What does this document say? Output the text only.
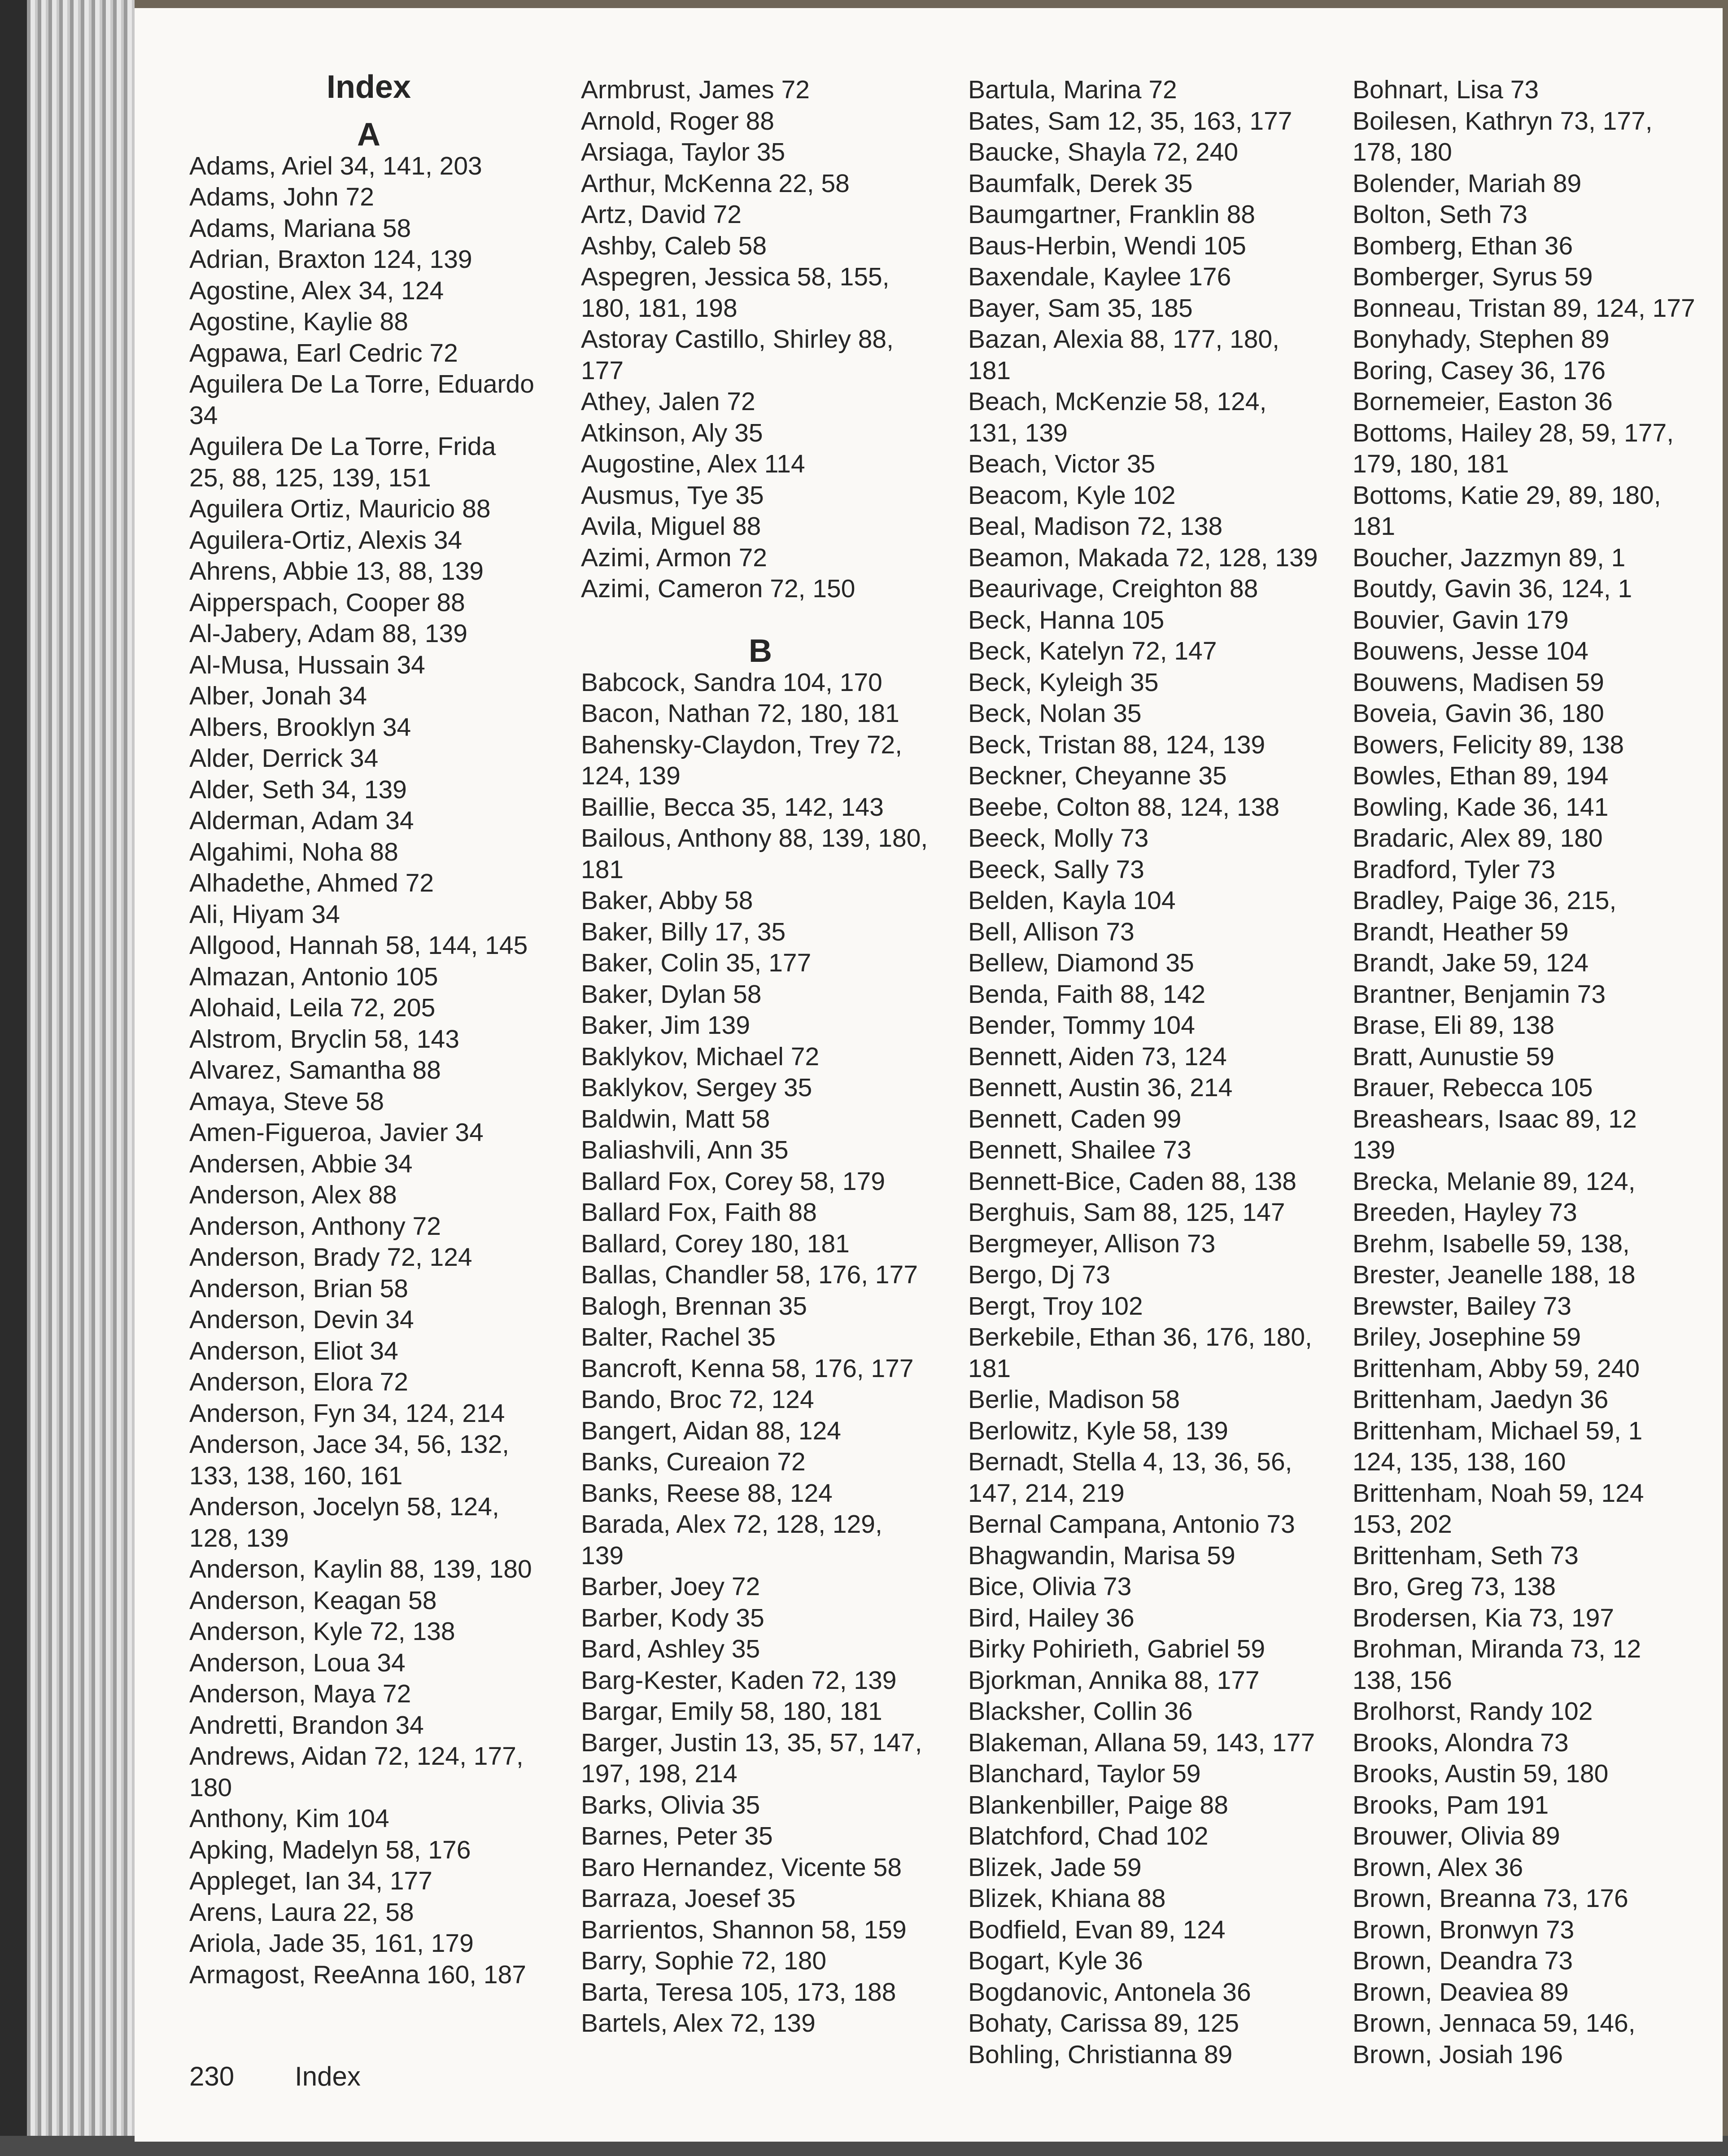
Index

A
Adams, Ariel 34, 141, 203
Adams, John 72
Adams, Mariana 58
Adrian, Braxton 124, 139
Agostine, Alex 34, 124
Agostine, Kaylie 88
Agpawa, Earl Cedric 72
Aguilera De La Torre, Eduardo
34
Aguilera De La Torre, Frida
25, 88, 125, 139, 151
Aguilera Ortiz, Mauricio 88
Aguilera-Ortiz, Alexis 34
Ahrens, Abbie 13, 88, 139
Aipperspach, Cooper 88
Al-Jabery, Adam 88, 139
Al-Musa, Hussain 34
Alber, Jonah 34
Albers, Brooklyn 34
Alder, Derrick 34
Alder, Seth 34, 139
Alderman, Adam 34
Algahimi, Noha 88
Alhadethe, Ahmed 72
Ali, Hiyam 34
Allgood, Hannah 58, 144, 145
Almazan, Antonio 105
Alohaid, Leila 72, 205
Alstrom, Bryclin 58, 143
Alvarez, Samantha 88
Amaya, Steve 58
Amen-Figueroa, Javier 34
Andersen, Abbie 34
Anderson, Alex 88
Anderson, Anthony 72
Anderson, Brady 72, 124
Anderson, Brian 58
Anderson, Devin 34
Anderson, Eliot 34
Anderson, Elora 72
Anderson, Fyn 34, 124, 214
Anderson, Jace 34, 56, 132,
133, 138, 160, 161
Anderson, Jocelyn 58, 124,
128, 139
Anderson, Kaylin 88, 139, 180
Anderson, Keagan 58
Anderson, Kyle 72, 138
Anderson, Loua 34
Anderson, Maya 72
Andretti, Brandon 34
Andrews, Aidan 72, 124, 177,
180
Anthony, Kim 104
Apking, Madelyn 58, 176
Appleget, Ian 34, 177
Arens, Laura 22, 58
Ariola, Jade 35, 161, 179
Armagost, ReeAnna 160, 187
Armbrust, James 72
Arnold, Roger 88
Arsiaga, Taylor 35
Arthur, McKenna 22, 58
Artz, David 72
Ashby, Caleb 58
Aspegren, Jessica 58, 155,
180, 181, 198
Astoray Castillo, Shirley 88,
177
Athey, Jalen 72
Atkinson, Aly 35
Augostine, Alex 114
Ausmus, Tye 35
Avila, Miguel 88
Azimi, Armon 72
Azimi, Cameron 72, 150

B
Babcock, Sandra 104, 170
Bacon, Nathan 72, 180, 181
Bahensky-Claydon, Trey 72,
124, 139
Baillie, Becca 35, 142, 143
Bailous, Anthony 88, 139, 180,
181
Baker, Abby 58
Baker, Billy 17, 35
Baker, Colin 35, 177
Baker, Dylan 58
Baker, Jim 139
Baklykov, Michael 72
Baklykov, Sergey 35
Baldwin, Matt 58
Baliashvili, Ann 35
Ballard Fox, Corey 58, 179
Ballard Fox, Faith 88
Ballard, Corey 180, 181
Ballas, Chandler 58, 176, 177
Balogh, Brennan 35
Balter, Rachel 35
Bancroft, Kenna 58, 176, 177
Bando, Broc 72, 124
Bangert, Aidan 88, 124
Banks, Cureaion 72
Banks, Reese 88, 124
Barada, Alex 72, 128, 129,
139
Barber, Joey 72
Barber, Kody 35
Bard, Ashley 35
Barg-Kester, Kaden 72, 139
Bargar, Emily 58, 180, 181
Barger, Justin 13, 35, 57, 147,
197, 198, 214
Barks, Olivia 35
Barnes, Peter 35
Baro Hernandez, Vicente 58
Barraza, Joesef 35
Barrientos, Shannon 58, 159
Barry, Sophie 72, 180
Barta, Teresa 105, 173, 188
Bartels, Alex 72, 139
Bartula, Marina 72
Bates, Sam 12, 35, 163, 177
Baucke, Shayla 72, 240
Baumfalk, Derek 35
Baumgartner, Franklin 88
Baus-Herbin, Wendi 105
Baxendale, Kaylee 176
Bayer, Sam 35, 185
Bazan, Alexia 88, 177, 180,
181
Beach, McKenzie 58, 124,
131, 139
Beach, Victor 35
Beacom, Kyle 102
Beal, Madison 72, 138
Beamon, Makada 72, 128, 139
Beaurivage, Creighton 88
Beck, Hanna 105
Beck, Katelyn 72, 147
Beck, Kyleigh 35
Beck, Nolan 35
Beck, Tristan 88, 124, 139
Beckner, Cheyanne 35
Beebe, Colton 88, 124, 138
Beeck, Molly 73
Beeck, Sally 73
Belden, Kayla 104
Bell, Allison 73
Bellew, Diamond 35
Benda, Faith 88, 142
Bender, Tommy 104
Bennett, Aiden 73, 124
Bennett, Austin 36, 214
Bennett, Caden 99
Bennett, Shailee 73
Bennett-Bice, Caden 88, 138
Berghuis, Sam 88, 125, 147
Bergmeyer, Allison 73
Bergo, Dj 73
Bergt, Troy 102
Berkebile, Ethan 36, 176, 180,
181
Berlie, Madison 58
Berlowitz, Kyle 58, 139
Bernadt, Stella 4, 13, 36, 56,
147, 214, 219
Bernal Campana, Antonio 73
Bhagwandin, Marisa 59
Bice, Olivia 73
Bird, Hailey 36
Birky Pohirieth, Gabriel 59
Bjorkman, Annika 88, 177
Blacksher, Collin 36
Blakeman, Allana 59, 143, 177
Blanchard, Taylor 59
Blankenbiller, Paige 88
Blatchford, Chad 102
Blizek, Jade 59
Blizek, Khiana 88
Bodfield, Evan 89, 124
Bogart, Kyle 36
Bogdanovic, Antonela 36
Bohaty, Carissa 89, 125
Bohling, Christianna 89
Bohnart, Lisa 73
Boilesen, Kathryn 73, 177,
178, 180
Bolender, Mariah 89
Bolton, Seth 73
Bomberg, Ethan 36
Bomberger, Syrus 59
Bonneau, Tristan 89, 124, 177
Bonyhady, Stephen 89
Boring, Casey 36, 176
Bornemeier, Easton 36
Bottoms, Hailey 28, 59, 177,
179, 180, 181
Bottoms, Katie 29, 89, 180,
181
Boucher, Jazzmyn 89, 1
Boutdy, Gavin 36, 124, 1
Bouvier, Gavin 179
Bouwens, Jesse 104
Bouwens, Madisen 59
Boveia, Gavin 36, 180
Bowers, Felicity 89, 138
Bowles, Ethan 89, 194
Bowling, Kade 36, 141
Bradaric, Alex 89, 180
Bradford, Tyler 73
Bradley, Paige 36, 215,
Brandt, Heather 59
Brandt, Jake 59, 124
Brantner, Benjamin 73
Brase, Eli 89, 138
Bratt, Aunustie 59
Brauer, Rebecca 105
Breashears, Isaac 89, 12
139
Brecka, Melanie 89, 124,
Breeden, Hayley 73
Brehm, Isabelle 59, 138,
Brester, Jeanelle 188, 18
Brewster, Bailey 73
Briley, Josephine 59
Brittenham, Abby 59, 240
Brittenham, Jaedyn 36
Brittenham, Michael 59, 1
124, 135, 138, 160
Brittenham, Noah 59, 124
153, 202
Brittenham, Seth 73
Bro, Greg 73, 138
Brodersen, Kia 73, 197
Brohman, Miranda 73, 12
138, 156
Brolhorst, Randy 102
Brooks, Alondra 73
Brooks, Austin 59, 180
Brooks, Pam 191
Brouwer, Olivia 89
Brown, Alex 36
Brown, Breanna 73, 176
Brown, Bronwyn 73
Brown, Deandra 73
Brown, Deaviea 89
Brown, Jennaca 59, 146,
Brown, Josiah 196
230 Index
